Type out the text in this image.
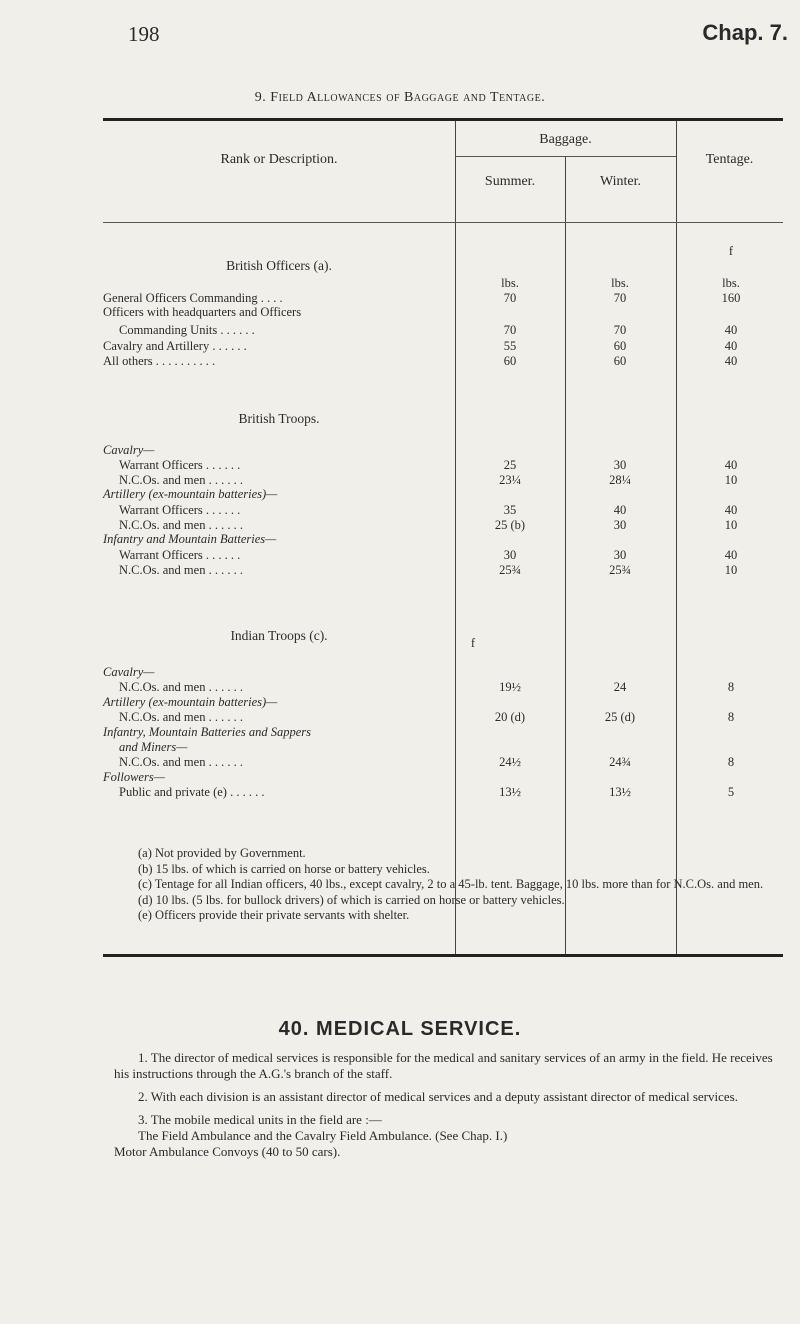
198	Chap. 7.
9. Field Allowances of Baggage and Tentage.
Rank or Description.
Baggage.
Summer.	Winter.
Tentage.
British Officers (a).
f
lbs.	lbs.	lbs.
General Officers Commanding . . . .	70	70	160
Officers with headquarters and Officers
Commanding Units . . . . . .	70	70	40
Cavalry and Artillery . . . . . .	55	60	40
All others . . . . . . . . . .	60	60	40
British Troops.
Cavalry—
Warrant Officers . . . . . .	25	30	40
N.C.Os. and men . . . . . .	23¼	28¼	10
Artillery (ex-mountain batteries)—
Warrant Officers . . . . . .	35	40	40
N.C.Os. and men . . . . . .	25 (b)	30	10
Infantry and Mountain Batteries—
Warrant Officers . . . . . .	30	30	40
N.C.Os. and men . . . . . .	25¾	25¾	10
Indian Troops (c).	f
Cavalry—
N.C.Os. and men . . . . . .	19½	24	8
Artillery (ex-mountain batteries)—
N.C.Os. and men . . . . . .	20 (d)	25 (d)	8
Infantry, Mountain Batteries and Sappers
and Miners—
N.C.Os. and men . . . . . .	24½	24¾	8
Followers—
Public and private (e) . . . . . .	13½	13½	5

(a) Not provided by Government.

(b) 15 lbs. of which is carried on horse or battery vehicles.

(c) Tentage for all Indian officers, 40 lbs., except cavalry, 2 to a 45-lb. tent. Baggage, 10 lbs. more than for N.C.Os. and men.

(d) 10 lbs. (5 lbs. for bullock drivers) of which is carried on horse or battery vehicles.

(e) Officers provide their private servants with shelter.

40. MEDICAL SERVICE.

1. The director of medical services is responsible for the medical and sanitary services of an army in the field. He receives his instructions through the A.G.'s branch of the staff.

2. With each division is an assistant director of medical services and a deputy assistant director of medical services.

3. The mobile medical units in the field are :—

The Field Ambulance and the Cavalry Field Ambulance. (See Chap. I.)

Motor Ambulance Convoys (40 to 50 cars).
